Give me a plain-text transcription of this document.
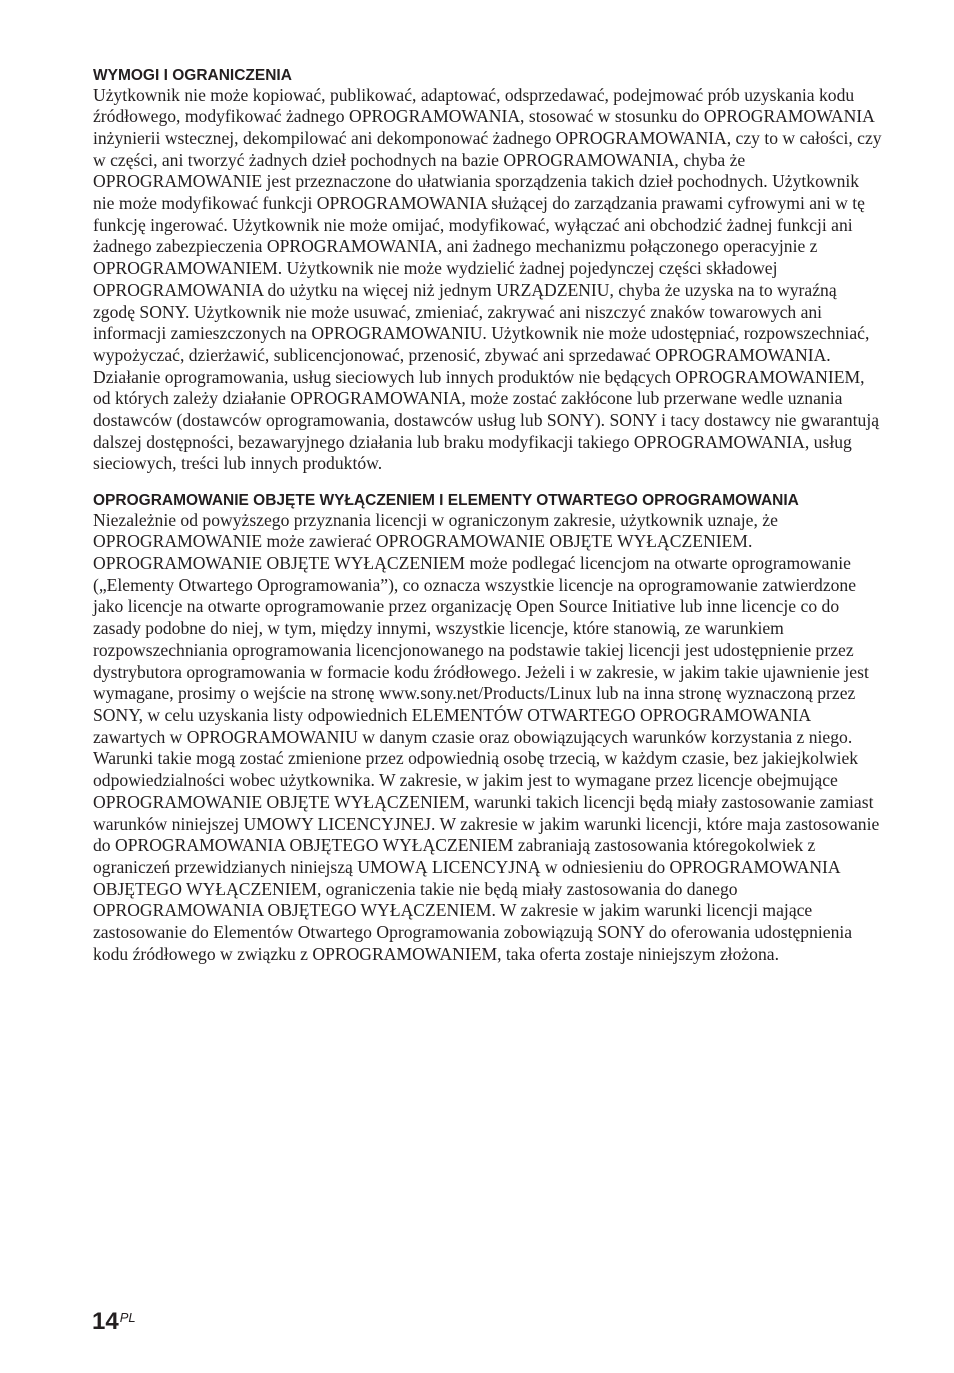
WYMOGI I OGRANICZENIA

Użytkownik nie może kopiować, publikować, adaptować, odsprzedawać, podejmować prób uzyskania kodu źródłowego, modyfikować żadnego OPROGRAMOWANIA, stosować w stosunku do OPROGRAMOWANIA inżynierii wstecznej, dekompilować ani dekomponować żadnego OPROGRAMOWANIA, czy to w całości, czy w części, ani tworzyć żadnych dzieł pochodnych na bazie OPROGRAMOWANIA, chyba że OPROGRAMOWANIE jest przeznaczone do ułatwiania sporządzenia takich dzieł pochodnych. Użytkownik nie może modyfikować funkcji OPROGRAMOWANIA służącej do zarządzania prawami cyfrowymi ani w tę funkcję ingerować. Użytkownik nie może omijać, modyfikować, wyłączać ani obchodzić żadnej funkcji ani żadnego zabezpieczenia OPROGRAMOWANIA, ani żadnego mechanizmu połączonego operacyjnie z OPROGRAMOWANIEM. Użytkownik nie może wydzielić żadnej pojedynczej części składowej OPROGRAMOWANIA do użytku na więcej niż jednym URZĄDZENIU, chyba że uzyska na to wyraźną zgodę SONY. Użytkownik nie może usuwać, zmieniać, zakrywać ani niszczyć znaków towarowych ani informacji zamieszczonych na OPROGRAMOWANIU. Użytkownik nie może udostępniać, rozpowszechniać, wypożyczać, dzierżawić, sublicencjonować, przenosić, zbywać ani sprzedawać OPROGRAMOWANIA. Działanie oprogramowania, usług sieciowych lub innych produktów nie będących OPROGRAMOWANIEM, od których zależy działanie OPROGRAMOWANIA, może zostać zakłócone lub przerwane wedle uznania dostawców (dostawców oprogramowania, dostawców usług lub SONY). SONY i tacy dostawcy nie gwarantują dalszej dostępności, bezawaryjnego działania lub braku modyfikacji takiego OPROGRAMOWANIA, usług sieciowych, treści lub innych produktów.

OPROGRAMOWANIE OBJĘTE WYŁĄCZENIEM I ELEMENTY OTWARTEGO OPROGRAMOWANIA

Niezależnie od powyższego przyznania licencji w ograniczonym zakresie, użytkownik uznaje, że OPROGRAMOWANIE może zawierać OPROGRAMOWANIE OBJĘTE WYŁĄCZENIEM. OPROGRAMOWANIE OBJĘTE WYŁĄCZENIEM może podlegać licencjom na otwarte oprogramowanie („Elementy Otwartego Oprogramowania”), co oznacza wszystkie licencje na oprogramowanie zatwierdzone jako licencje na otwarte oprogramowanie przez organizację Open Source Initiative lub inne licencje co do zasady podobne do niej, w tym, między innymi, wszystkie licencje, które stanowią, ze warunkiem rozpowszechniania oprogramowania licencjonowanego na podstawie takiej licencji jest udostępnienie przez dystrybutora oprogramowania w formacie kodu źródłowego. Jeżeli i w zakresie, w jakim takie ujawnienie jest wymagane, prosimy o wejście na stronę www.sony.net/Products/Linux lub na inna stronę wyznaczoną przez SONY, w celu uzyskania listy odpowiednich ELEMENTÓW OTWARTEGO OPROGRAMOWANIA zawartych w OPROGRAMOWANIU w danym czasie oraz obowiązujących warunków korzystania z niego. Warunki takie mogą zostać zmienione przez odpowiednią osobę trzecią, w każdym czasie, bez jakiejkolwiek odpowiedzialności wobec użytkownika. W zakresie, w jakim jest to wymagane przez licencje obejmujące OPROGRAMOWANIE OBJĘTE WYŁĄCZENIEM, warunki takich licencji będą miały zastosowanie zamiast warunków niniejszej UMOWY LICENCYJNEJ. W zakresie w jakim warunki licencji, które maja zastosowanie do OPROGRAMOWANIA OBJĘTEGO WYŁĄCZENIEM zabraniają zastosowania któregokolwiek z ograniczeń przewidzianych niniejszą UMOWĄ LICENCYJNĄ w odniesieniu do OPROGRAMOWANIA OBJĘTEGO WYŁĄCZENIEM, ograniczenia takie nie będą miały zastosowania do danego OPROGRAMOWANIA OBJĘTEGO WYŁĄCZENIEM. W zakresie w jakim warunki licencji mające zastosowanie do Elementów Otwartego Oprogramowania zobowiązują SONY do oferowania udostępnienia kodu źródłowego w związku z OPROGRAMOWANIEM, taka oferta zostaje niniejszym złożona.

$14^{PL}$
